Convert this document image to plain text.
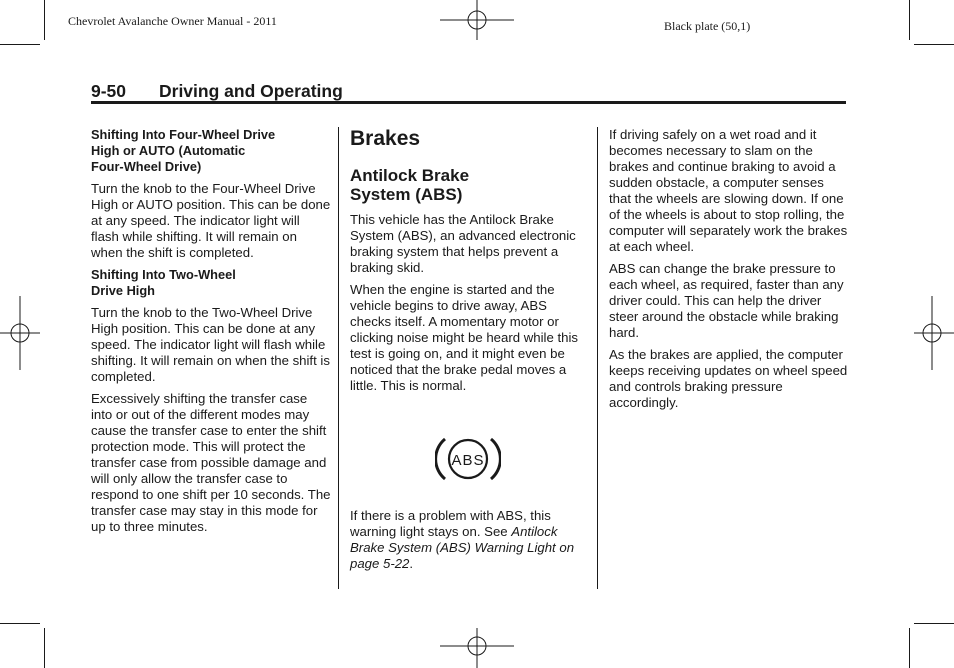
Chevrolet Avalanche Owner Manual - 2011	Black plate (50,1)
9-50 Driving and Operating
Shifting Into Four-Wheel Drive
High or AUTO (Automatic
Four-Wheel Drive)

Turn the knob to the Four-Wheel Drive High or AUTO position. This can be done at any speed. The indicator light will flash while shifting. It will remain on when the shift is completed.

Shifting Into Two-Wheel
Drive High

Turn the knob to the Two-Wheel Drive High position. This can be done at any speed. The indicator light will flash while shifting. It will remain on when the shift is completed.

Excessively shifting the transfer case into or out of the different modes may cause the transfer case to enter the shift protection mode. This will protect the transfer case from possible damage and will only allow the transfer case to respond to one shift per 10 seconds. The transfer case may stay in this mode for up to three minutes.

Brakes
Antilock Brake
System (ABS)

This vehicle has the Antilock Brake System (ABS), an advanced electronic braking system that helps prevent a braking skid.

When the engine is started and the vehicle begins to drive away, ABS checks itself. A momentary motor or clicking noise might be heard while this test is going on, and it might even be noticed that the brake pedal moves a little. This is normal.

ABS

If there is a problem with ABS, this warning light stays on. See Antilock Brake System (ABS) Warning Light on page 5-22.

If driving safely on a wet road and it becomes necessary to slam on the brakes and continue braking to avoid a sudden obstacle, a computer senses that the wheels are slowing down. If one of the wheels is about to stop rolling, the computer will separately work the brakes at each wheel.

ABS can change the brake pressure to each wheel, as required, faster than any driver could. This can help the driver steer around the obstacle while braking hard.

As the brakes are applied, the computer keeps receiving updates on wheel speed and controls braking pressure accordingly.
